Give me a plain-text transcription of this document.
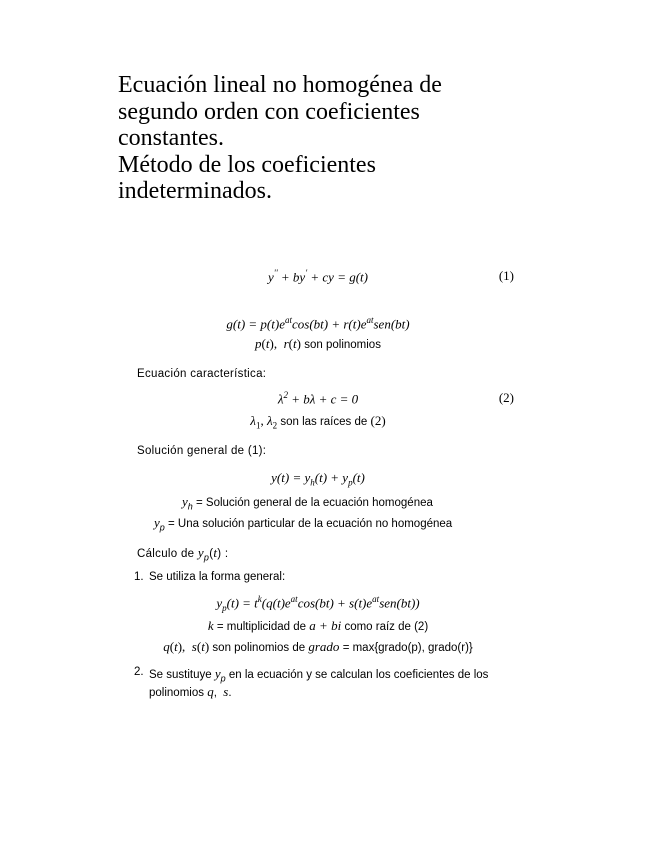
Ecuación lineal no homogénea de
segundo orden con coeficientes
constantes.
Método de los coeficientes
indeterminados.
y'' + by' + cy = g(t)	(1)
$g(t) = p(t)e^{at}\cos(bt) + r(t)e^{at}sen(bt)$
p(t),  r(t) son polinomios
Ecuación característica:
$\lambda^2 + b\lambda + c = 0$	(2)
$\lambda_1$, $\lambda_2$ son las raíces de (2)
Solución general de (1):
$y(t) = y_h(t) + y_p(t)$
$y_h$ = Solución general de la ecuación homogénea
$y_p$ = Una solución particular de la ecuación no homogénea
Cálculo de $y_p(t)$ :
1. Se utiliza la forma general:
$y_p(t) = t^k(q(t)e^{at}\cos(bt) + s(t)e^{at}sen(bt))$
k = multiplicidad de a + bi como raíz de (2)
q(t),  s(t) son polinomios de grado = max{grado(p), grado(r)}
2. Se sustituye $y_p$ en la ecuación y se calculan los coeficientes de los
polinomios q,  s.
